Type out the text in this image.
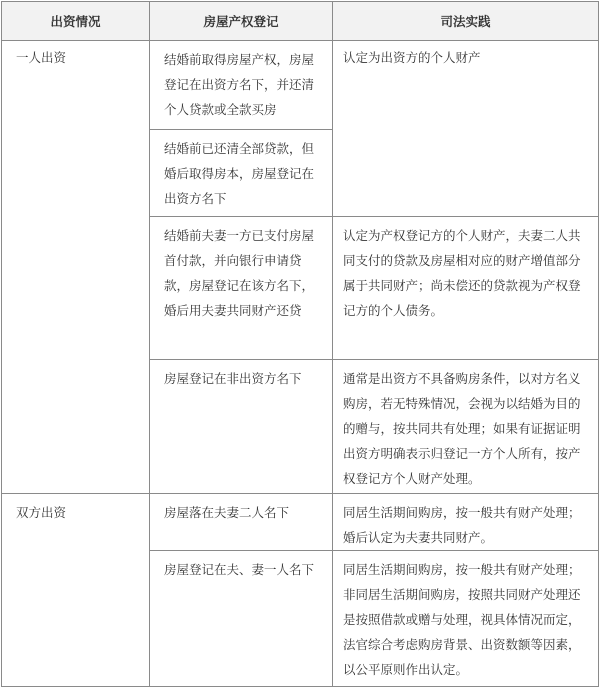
出资情况	房屋产权登记	司法实践
一人出资	结婚前取得房屋产权，房屋登记在出资方名下，并还清个人贷款或全款买房	认定为出资方的个人财产
	结婚前已还清全部贷款，但婚后取得房本，房屋登记在出资方名下	
	结婚前夫妻一方已支付房屋首付款，并向银行申请贷款，房屋登记在该方名下，婚后用夫妻共同财产还贷	认定为产权登记方的个人财产，夫妻二人共同支付的贷款及房屋相对应的财产增值部分属于共同财产；尚未偿还的贷款视为产权登记方的个人债务。
	房屋登记在非出资方名下	通常是出资方不具备购房条件，以对方名义购房，若无特殊情况，会视为以结婚为目的的赠与，按共同共有处理；如果有证据证明出资方明确表示归登记一方个人所有，按产权登记方个人财产处理。
双方出资	房屋落在夫妻二人名下	同居生活期间购房，按一般共有财产处理；婚后认定为夫妻共同财产。
	房屋登记在夫、妻一人名下	同居生活期间购房，按一般共有财产处理；非同居生活期间购房，按照共同财产处理还是按照借款或赠与处理，视具体情况而定，法官综合考虑购房背景、出资数额等因素，以公平原则作出认定。
